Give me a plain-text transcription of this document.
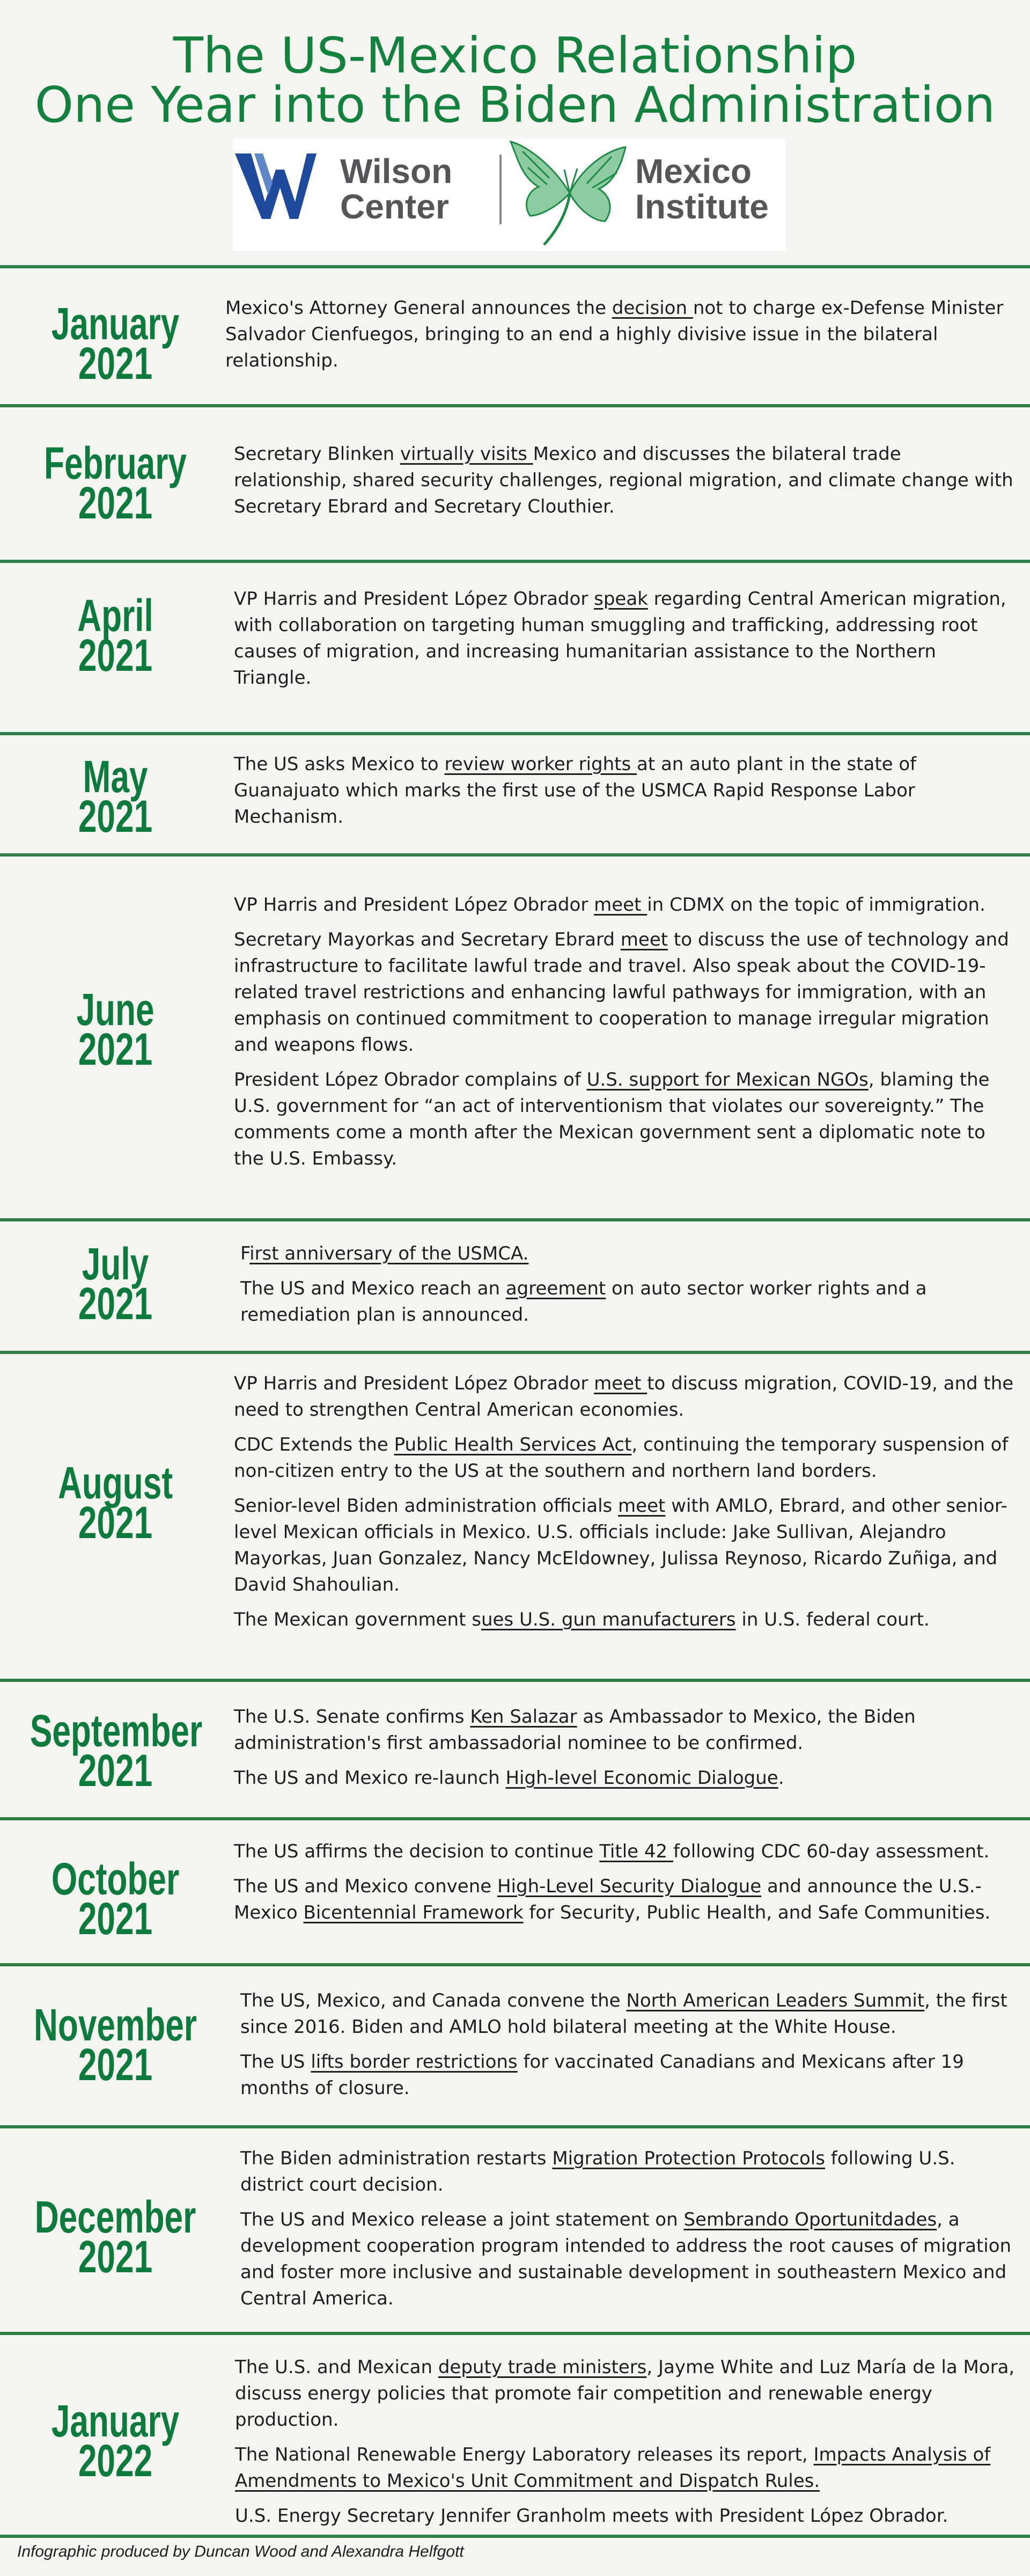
The US-Mexico Relationship
One Year into the Biden Administration
Wilson
Center
Mexico
Institute
January
2021

Mexico's Attorney General announces the decision not to charge ex-Defense Minister Salvador Cienfuegos, bringing to an end a highly divisive issue in the bilateral relationship.

February
2021

Secretary Blinken virtually visits Mexico and discusses the bilateral trade relationship, shared security challenges, regional migration, and climate change with Secretary Ebrard and Secretary Clouthier.

April
2021

VP Harris and President López Obrador speak regarding Central American migration, with collaboration on targeting human smuggling and trafficking, addressing root causes of migration, and increasing humanitarian assistance to the Northern Triangle.

May
2021

The US asks Mexico to review worker rights at an auto plant in the state of Guanajuato which marks the first use of the USMCA Rapid Response Labor Mechanism.

June
2021

VP Harris and President López Obrador meet in CDMX on the topic of immigration.

Secretary Mayorkas and Secretary Ebrard meet to discuss the use of technology and infrastructure to facilitate lawful trade and travel. Also speak about the COVID-19-related travel restrictions and enhancing lawful pathways for immigration, with an emphasis on continued commitment to cooperation to manage irregular migration and weapons flows.

President López Obrador complains of U.S. support for Mexican NGOs, blaming the U.S. government for “an act of interventionism that violates our sovereignty.” The comments come a month after the Mexican government sent a diplomatic note to the U.S. Embassy.

July
2021

First anniversary of the USMCA.

The US and Mexico reach an agreement on auto sector worker rights and a remediation plan is announced.

August
2021

VP Harris and President López Obrador meet to discuss migration, COVID-19, and the need to strengthen Central American economies.

CDC Extends the Public Health Services Act, continuing the temporary suspension of non-citizen entry to the US at the southern and northern land borders.

Senior-level Biden administration officials meet with AMLO, Ebrard, and other senior-level Mexican officials in Mexico. U.S. officials include: Jake Sullivan, Alejandro Mayorkas, Juan Gonzalez, Nancy McEldowney, Julissa Reynoso, Ricardo Zuñiga, and David Shahoulian.

The Mexican government sues U.S. gun manufacturers in U.S. federal court.

September
2021

The U.S. Senate confirms Ken Salazar as Ambassador to Mexico, the Biden administration's first ambassadorial nominee to be confirmed.

The US and Mexico re-launch High-level Economic Dialogue.

October
2021

The US affirms the decision to continue Title 42 following CDC 60-day assessment.

The US and Mexico convene High-Level Security Dialogue and announce the U.S.-Mexico Bicentennial Framework for Security, Public Health, and Safe Communities.

November
2021

The US, Mexico, and Canada convene the North American Leaders Summit, the first since 2016. Biden and AMLO hold bilateral meeting at the White House.

The US lifts border restrictions for vaccinated Canadians and Mexicans after 19 months of closure.

December
2021

The Biden administration restarts Migration Protection Protocols following U.S. district court decision.

The US and Mexico release a joint statement on Sembrando Oportunitdades, a development cooperation program intended to address the root causes of migration and foster more inclusive and sustainable development in southeastern Mexico and Central America.

January
2022

The U.S. and Mexican deputy trade ministers, Jayme White and Luz María de la Mora, discuss energy policies that promote fair competition and renewable energy production.

The National Renewable Energy Laboratory releases its report, Impacts Analysis of Amendments to Mexico's Unit Commitment and Dispatch Rules.

U.S. Energy Secretary Jennifer Granholm meets with President López Obrador.

Infographic produced by Duncan Wood and Alexandra Helfgott
